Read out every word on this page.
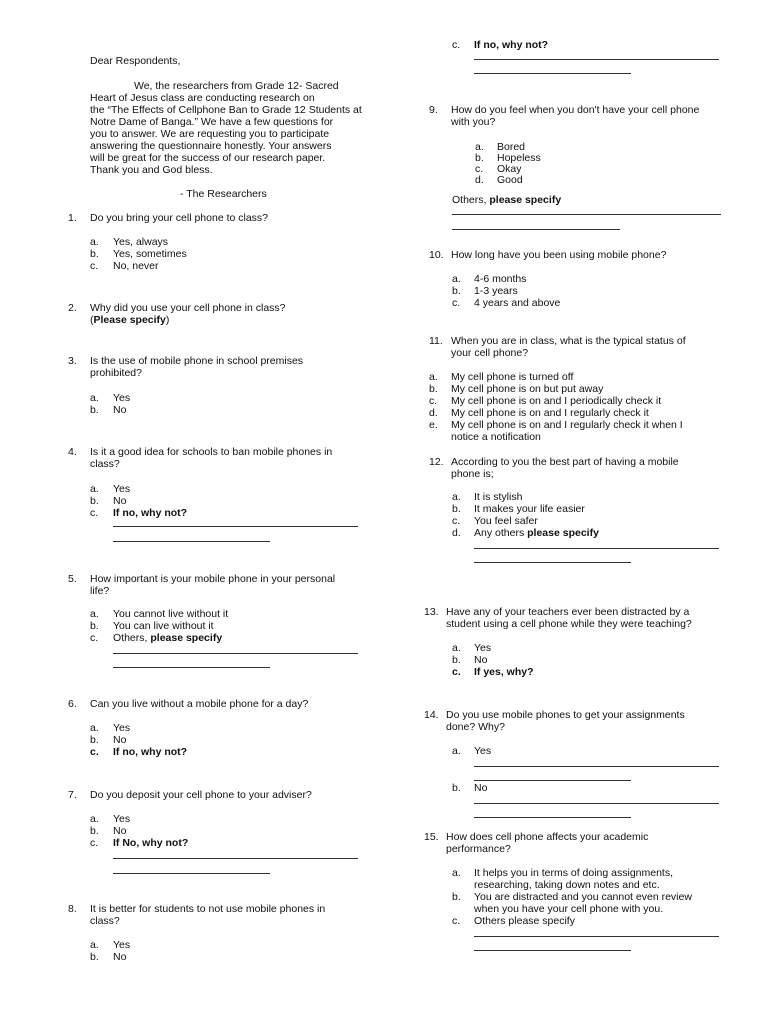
Dear Respondents,
We, the researchers from Grade 12- Sacred
Heart of Jesus class are conducting research on
the “The Effects of Cellphone Ban to Grade 12 Students at
Notre Dame of Banga.” We have a few questions for
you to answer. We are requesting you to participate
answering the questionnaire honestly. Your answers
will be great for the success of our research paper.
Thank you and God bless.
- The Researchers
1. Do you bring your cell phone to class?
a. Yes, always
b. Yes, sometimes
c. No, never
2. Why did you use your cell phone in class?
(Please specify)
3. Is the use of mobile phone in school premises
prohibited?
a. Yes
b. No
4. Is it a good idea for schools to ban mobile phones in
class?
a. Yes
b. No
c. If no, why not?
5. How important is your mobile phone in your personal
life?
a. You cannot live without it
b. You can live without it
c. Others, please specify
6. Can you live without a mobile phone for a day?
a. Yes
b. No
c. If no, why not?
7. Do you deposit your cell phone to your adviser?
a. Yes
b. No
c. If No, why not?
8. It is better for students to not use mobile phones in
class?
a. Yes
b. No
c. If no, why not?
9. How do you feel when you don't have your cell phone
with you?
a. Bored
b. Hopeless
c. Okay
d. Good
Others, please specify
10. How long have you been using mobile phone?
a. 4-6 months
b. 1-3 years
c. 4 years and above
11. When you are in class, what is the typical status of
your cell phone?
a. My cell phone is turned off
b. My cell phone is on but put away
c. My cell phone is on and I periodically check it
d. My cell phone is on and I regularly check it
e. My cell phone is on and I regularly check it when I
notice a notification
12. According to you the best part of having a mobile
phone is;
a. It is stylish
b. It makes your life easier
c. You feel safer
d. Any others please specify
13. Have any of your teachers ever been distracted by a
student using a cell phone while they were teaching?
a. Yes
b. No
c. If yes, why?
14. Do you use mobile phones to get your assignments
done? Why?
a. Yes
b. No
15. How does cell phone affects your academic
performance?
a. It helps you in terms of doing assignments,
researching, taking down notes and etc.
b. You are distracted and you cannot even review
when you have your cell phone with you.
c. Others please specify
